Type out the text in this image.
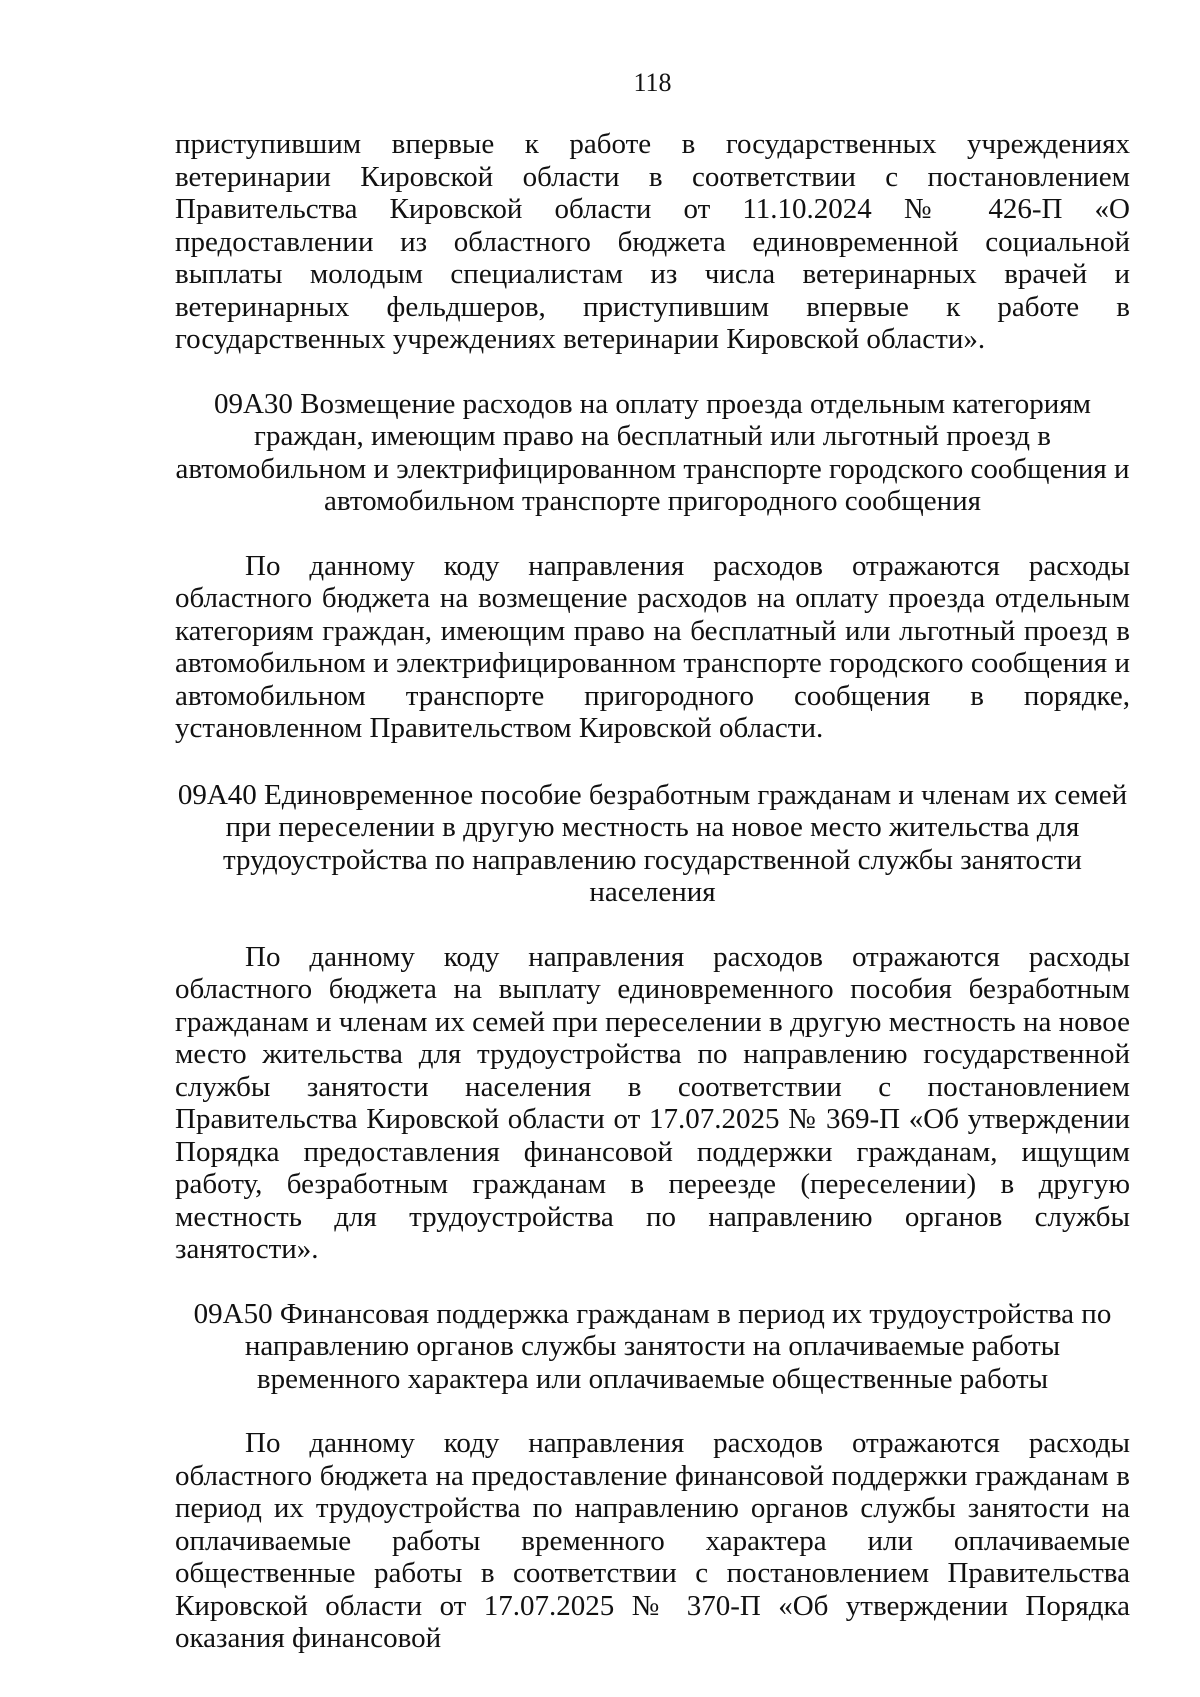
118

приступившим впервые к работе в государственных учреждениях ветеринарии Кировской области в соответствии с постановлением Правительства Кировской области от 11.10.2024 № 426-П «О предоставлении из областного бюджета единовременной социальной выплаты молодым специалистам из числа ветеринарных врачей и ветеринарных фельдшеров, приступившим впервые к работе в государственных учреждениях ветеринарии Кировской области».

09А30 Возмещение расходов на оплату проезда отдельным категориям
граждан, имеющим право на бесплатный или льготный проезд в
автомобильном и электрифицированном транспорте городского сообщения и
автомобильном транспорте пригородного сообщения

По данному коду направления расходов отражаются расходы областного бюджета на возмещение расходов на оплату проезда отдельным категориям граждан, имеющим право на бесплатный или льготный проезд в автомобильном и электрифицированном транспорте городского сообщения и автомобильном транспорте пригородного сообщения в порядке, установленном Правительством Кировской области.

09А40 Единовременное пособие безработным гражданам и членам их семей
при переселении в другую местность на новое место жительства для
трудоустройства по направлению государственной службы занятости
населения

По данному коду направления расходов отражаются расходы областного бюджета на выплату единовременного пособия безработным гражданам и членам их семей при переселении в другую местность на новое место жительства для трудоустройства по направлению государственной службы занятости населения в соответствии с постановлением Правительства Кировской области от 17.07.2025 № 369-П «Об утверждении Порядка предоставления финансовой поддержки гражданам, ищущим работу, безработным гражданам в переезде (переселении) в другую местность для трудоустройства по направлению органов службы занятости».

09А50 Финансовая поддержка гражданам в период их трудоустройства по
направлению органов службы занятости на оплачиваемые работы
временного характера или оплачиваемые общественные работы

По данному коду направления расходов отражаются расходы областного бюджета на предоставление финансовой поддержки гражданам в период их трудоустройства по направлению органов службы занятости на оплачиваемые работы временного характера или оплачиваемые общественные работы в соответствии с постановлением Правительства Кировской области от 17.07.2025 № 370-П «Об утверждении Порядка оказания финансовой
